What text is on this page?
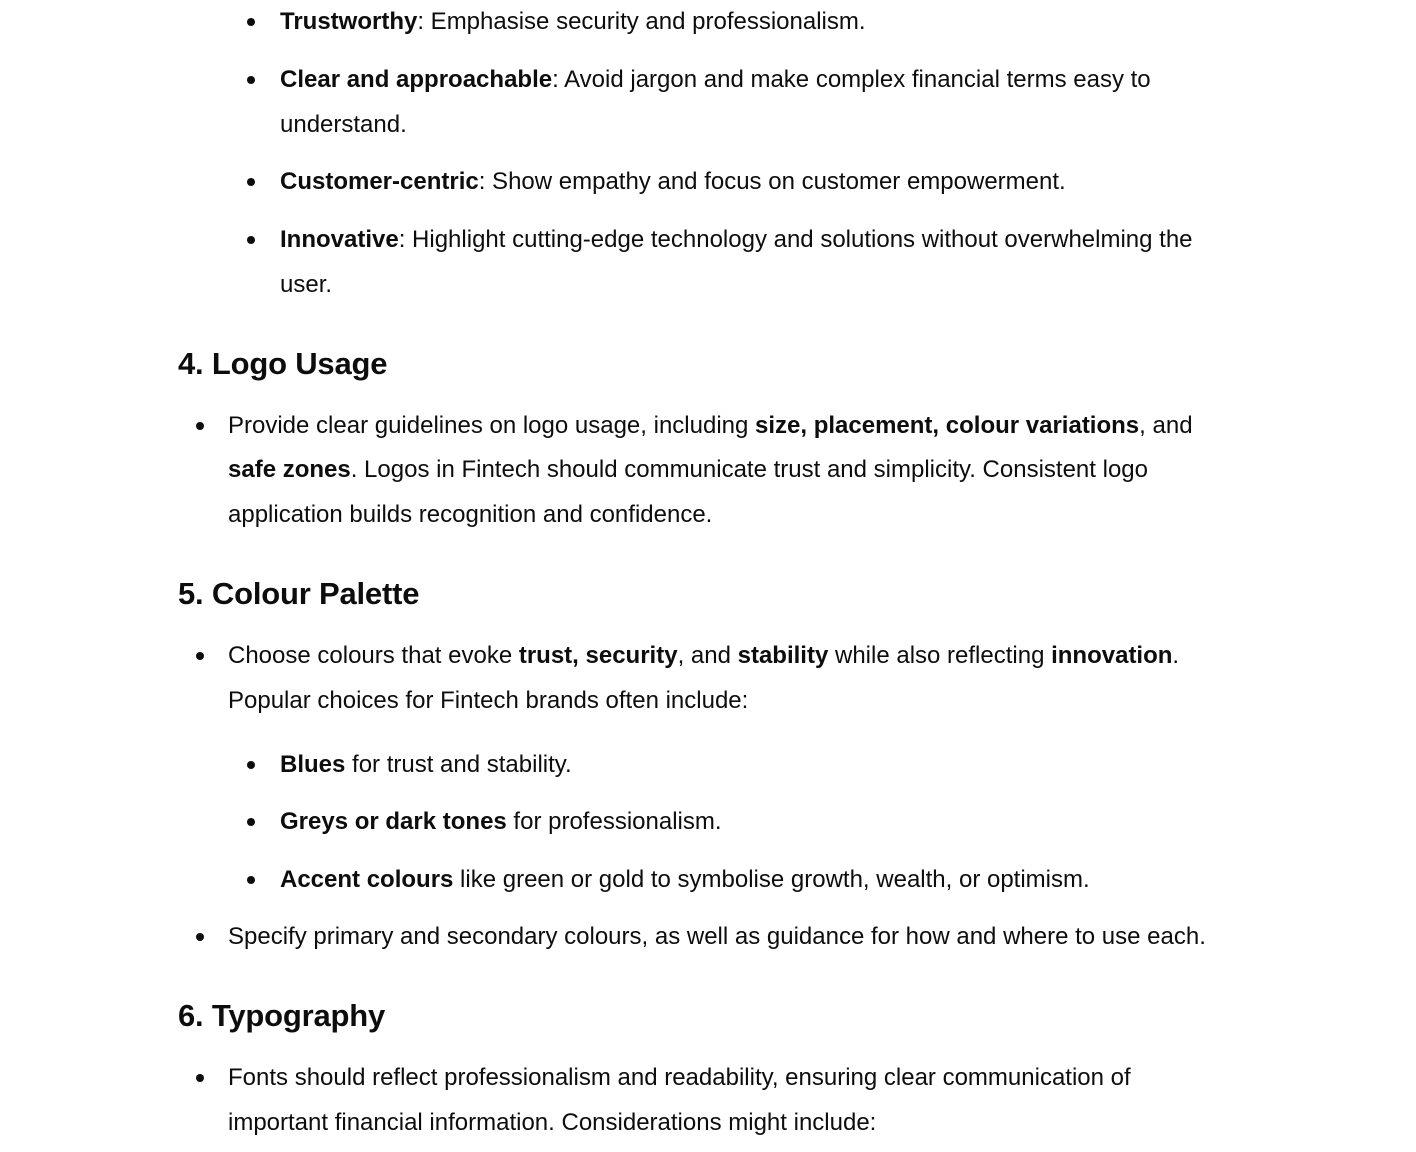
Trustworthy: Emphasise security and professionalism.
Clear and approachable: Avoid jargon and make complex financial terms easy to
understand.
Customer-centric: Show empathy and focus on customer empowerment.
Innovative: Highlight cutting-edge technology and solutions without overwhelming the
user.
4. Logo Usage
Provide clear guidelines on logo usage, including size, placement, colour variations, and
safe zones. Logos in Fintech should communicate trust and simplicity. Consistent logo
application builds recognition and confidence.
5. Colour Palette
Choose colours that evoke trust, security, and stability while also reflecting innovation.
Popular choices for Fintech brands often include:
Blues for trust and stability.
Greys or dark tones for professionalism.
Accent colours like green or gold to symbolise growth, wealth, or optimism.
Specify primary and secondary colours, as well as guidance for how and where to use each.
6. Typography
Fonts should reflect professionalism and readability, ensuring clear communication of
important financial information. Considerations might include:
